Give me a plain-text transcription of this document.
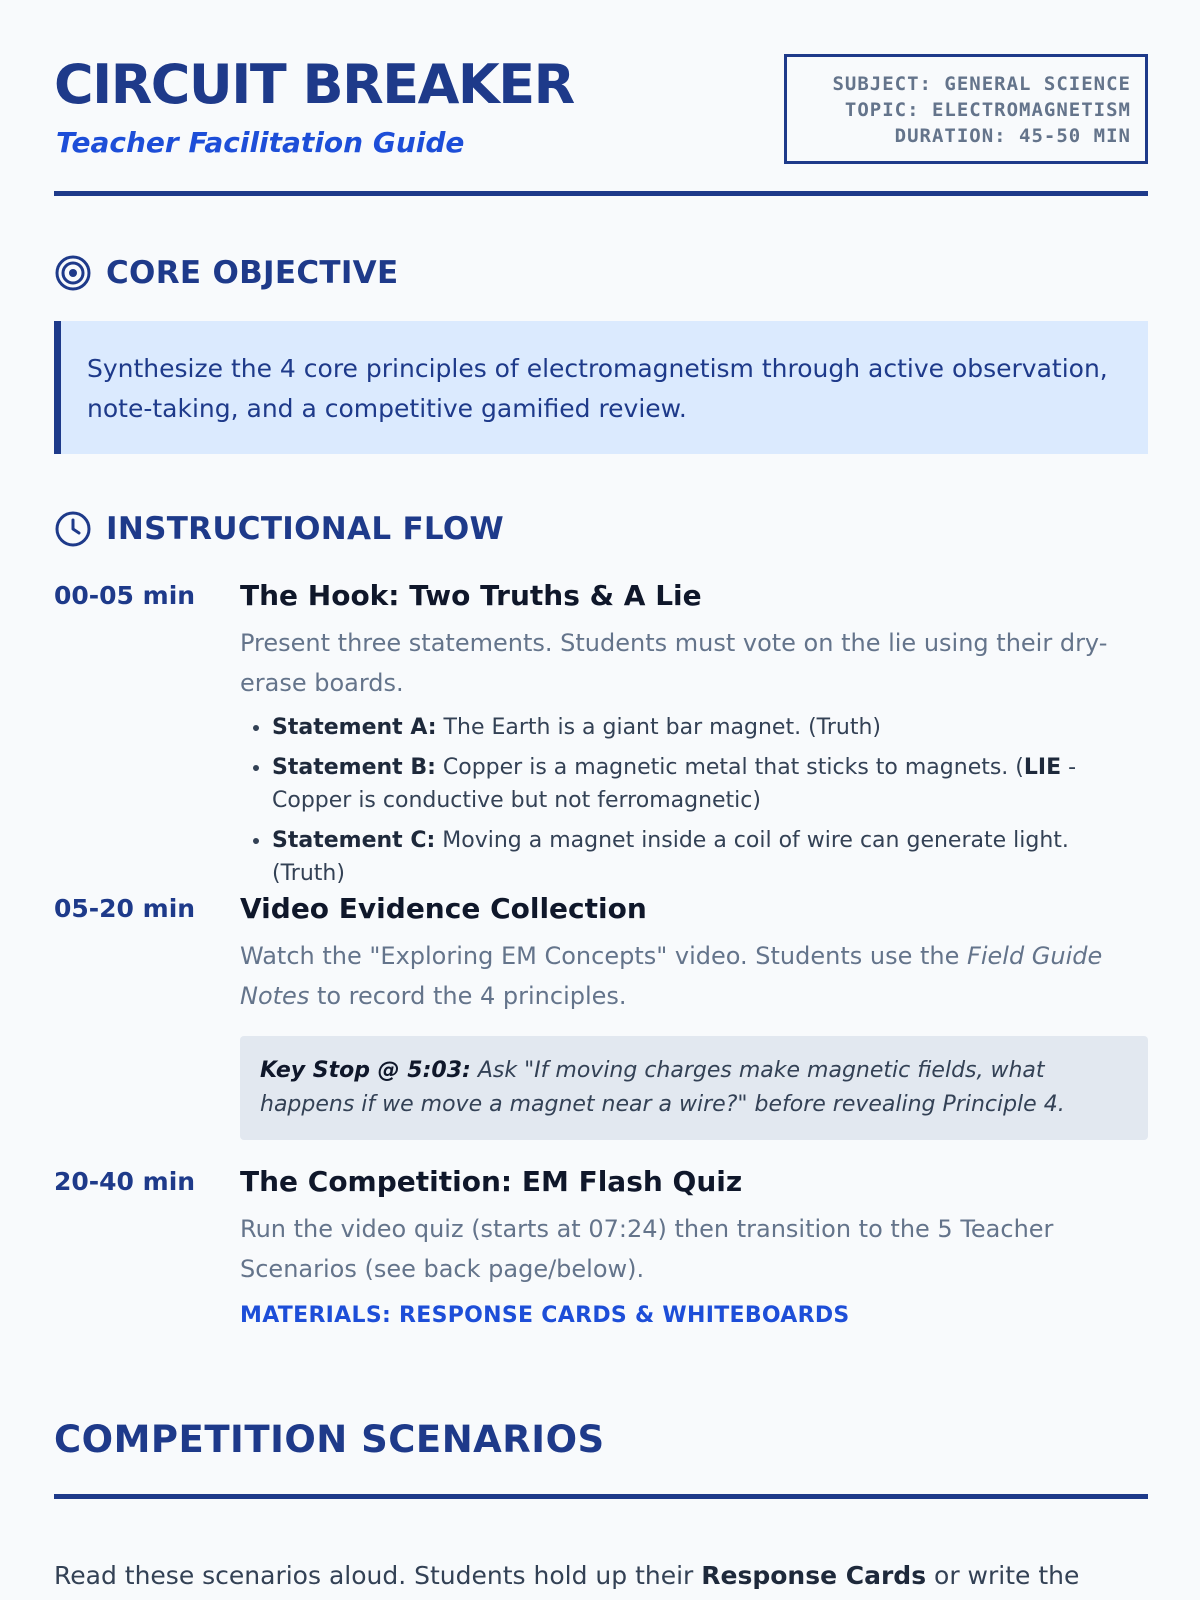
CIRCUIT BREAKER
Teacher Facilitation Guide
SUBJECT: GENERAL SCIENCE
TOPIC: ELECTROMAGNETISM
DURATION: 45-50 MIN
CORE OBJECTIVE
Synthesize the 4 core principles of electromagnetism through active observation, note-taking, and a competitive gamified review.
INSTRUCTIONAL FLOW
00-05 min The Hook: Two Truths & A Lie
Present three statements. Students must vote on the lie using their dry-erase boards.
• Statement A: The Earth is a giant bar magnet. (Truth)
• Statement B: Copper is a magnetic metal that sticks to magnets. (LIE - Copper is conductive but not ferromagnetic)
• Statement C: Moving a magnet inside a coil of wire can generate light. (Truth)
05-20 min Video Evidence Collection
Watch the "Exploring EM Concepts" video. Students use the Field Guide Notes to record the 4 principles.
Key Stop @ 5:03: Ask "If moving charges make magnetic fields, what happens if we move a magnet near a wire?" before revealing Principle 4.
20-40 min The Competition: EM Flash Quiz
Run the video quiz (starts at 07:24) then transition to the 5 Teacher Scenarios (see back page/below).
MATERIALS: RESPONSE CARDS & WHITEBOARDS
COMPETITION SCENARIOS
Read these scenarios aloud. Students hold up their Response Cards or write the
